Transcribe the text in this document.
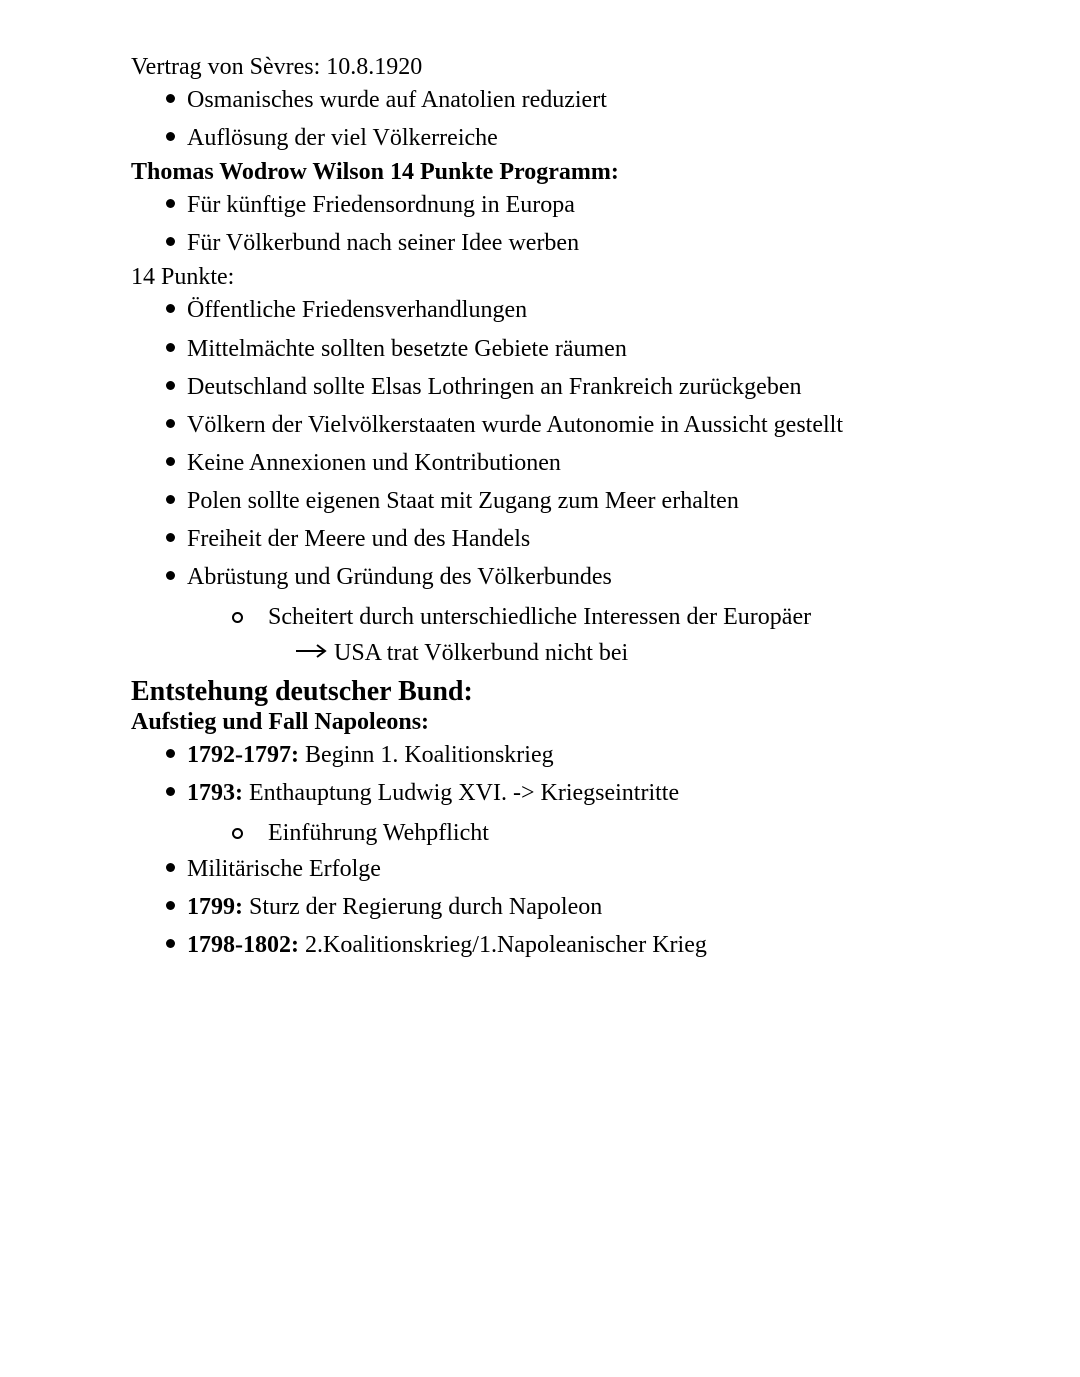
Vertrag von Sèvres: 10.8.1920
Osmanisches wurde auf Anatolien reduziert
Auflösung der viel Völkerreiche
Thomas Wodrow Wilson 14 Punkte Programm:
Für künftige Friedensordnung in Europa
Für Völkerbund nach seiner Idee werben
14 Punkte:
Öffentliche Friedensverhandlungen
Mittelmächte sollten besetzte Gebiete räumen
Deutschland sollte Elsas Lothringen an Frankreich zurückgeben
Völkern der Vielvölkerstaaten wurde Autonomie in Aussicht gestellt
Keine Annexionen und Kontributionen
Polen sollte eigenen Staat mit Zugang zum Meer erhalten
Freiheit der Meere und des Handels
Abrüstung und Gründung des Völkerbundes
Scheitert durch unterschiedliche Interessen der Europäer
USA trat Völkerbund nicht bei
Entstehung deutscher Bund:
Aufstieg und Fall Napoleons:
1792-1797: Beginn 1. Koalitionskrieg
1793: Enthauptung Ludwig XVI. -> Kriegseintritte
Einführung Wehpflicht
Militärische Erfolge
1799: Sturz der Regierung durch Napoleon
1798-1802: 2.Koalitionskrieg/1.Napoleanischer Krieg
